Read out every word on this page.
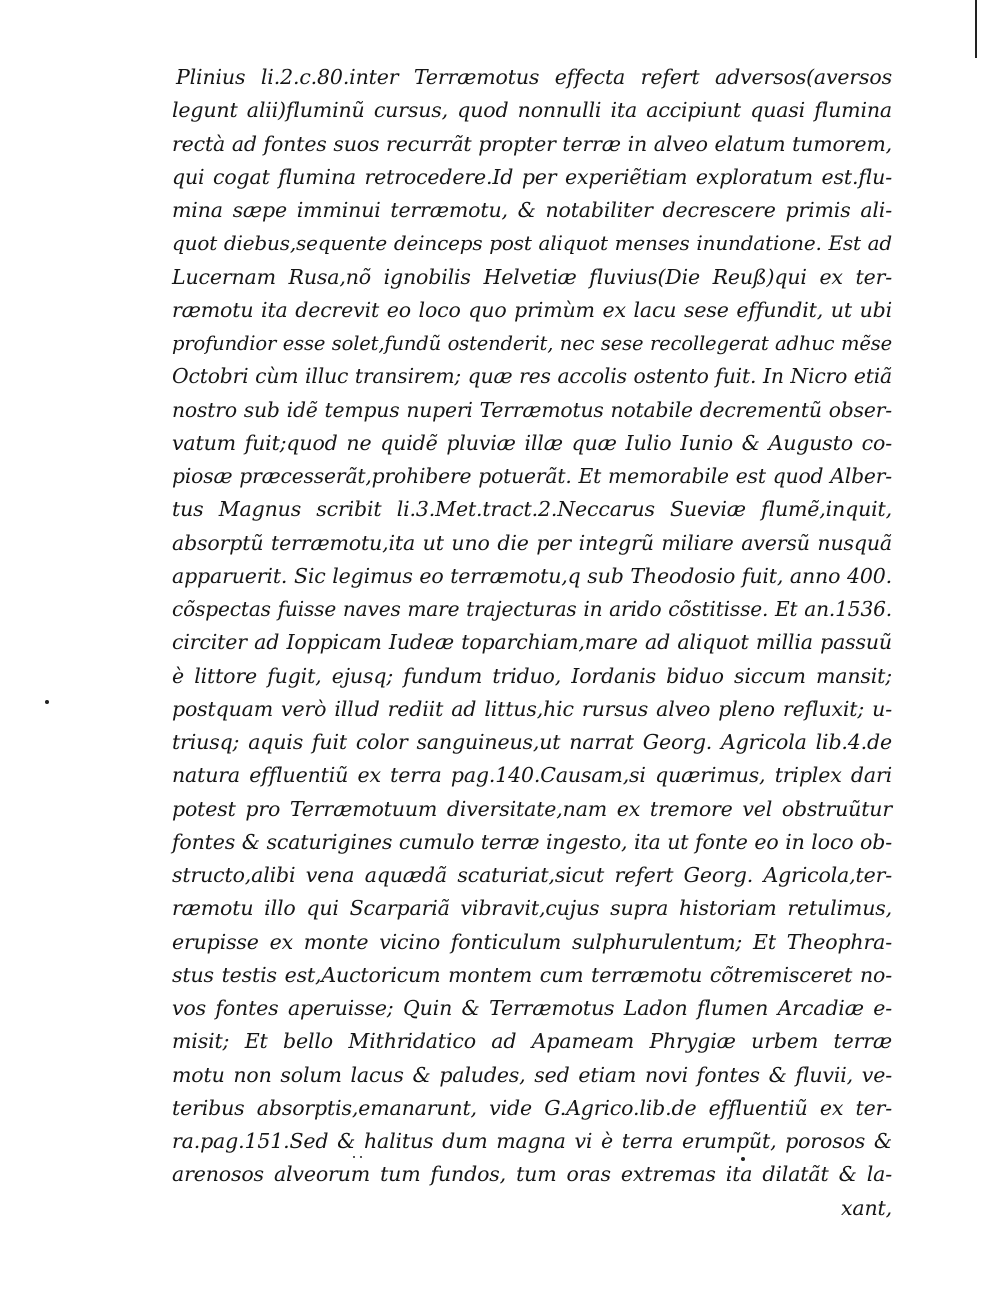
Plinius li.2.c.80.inter Terræmotus effecta refert adversos(aversos
legunt alii)fluminũ cursus, quod nonnulli ita accipiunt quasi flumina
rectà ad fontes suos recurrãt propter terræ in alveo elatum tumorem,
qui cogat flumina retrocedere.Id per experiẽtiam exploratum est.flu-
mina sæpe imminui terræmotu, & notabiliter decrescere primis ali-
quot diebus,sequente deinceps post aliquot menses inundatione. Est ad
Lucernam Rusa,nõ ignobilis Helvetiæ fluvius(Die Reuß)qui ex ter-
ræmotu ita decrevit eo loco quo primùm ex lacu sese effundit, ut ubi
profundior esse solet,fundũ ostenderit, nec sese recollegerat adhuc mẽse
Octobri cùm illuc transirem; quæ res accolis ostento fuit. In Nicro etiã
nostro sub idẽ tempus nuperi Terræmotus notabile decrementũ obser-
vatum fuit;quod ne quidẽ pluviæ illæ quæ Iulio Iunio & Augusto co-
piosæ præcesserãt,prohibere potuerãt. Et memorabile est quod Alber-
tus Magnus scribit li.3.Met.tract.2.Neccarus Sueviæ flumẽ,inquit,
absorptũ terræmotu,ita ut uno die per integrũ miliare aversũ nusquã
apparuerit. Sic legimus eo terræmotu,q sub Theodosio fuit, anno 400.
cõspectas fuisse naves mare trajecturas in arido cõstitisse. Et an.1536.
circiter ad Ioppicam Iudeæ toparchiam,mare ad aliquot millia passuũ
è littore fugit, ejusq; fundum triduo, Iordanis biduo siccum mansit;
postquam verò illud rediit ad littus,hic rursus alveo pleno refluxit; u-
triusq; aquis fuit color sanguineus,ut narrat Georg. Agricola lib.4.de
natura effluentiũ ex terra pag.140.Causam,si quærimus, triplex dari
potest pro Terræmotuum diversitate,nam ex tremore vel obstruũtur
fontes & scaturigines cumulo terræ ingesto, ita ut fonte eo in loco ob-
structo,alibi vena aquædã scaturiat,sicut refert Georg. Agricola,ter-
ræmotu illo qui Scarpariã vibravit,cujus supra historiam retulimus,
erupisse ex monte vicino fonticulum sulphurulentum; Et Theophra-
stus testis est,Auctoricum montem cum terræmotu cõtremisceret no-
vos fontes aperuisse; Quin & Terræmotus Ladon flumen Arcadiæ e-
misit; Et bello Mithridatico ad Apameam Phrygiæ urbem terræ
motu non solum lacus & paludes, sed etiam novi fontes & fluvii, ve-
teribus absorptis,emanarunt, vide G.Agrico.lib.de effluentiũ ex ter-
ra.pag.151.Sed & halitus dum magna vi è terra erumpũt, porosos &
arenosos alveorum tum fundos, tum oras extremas ita dilatãt & la-
xant,
